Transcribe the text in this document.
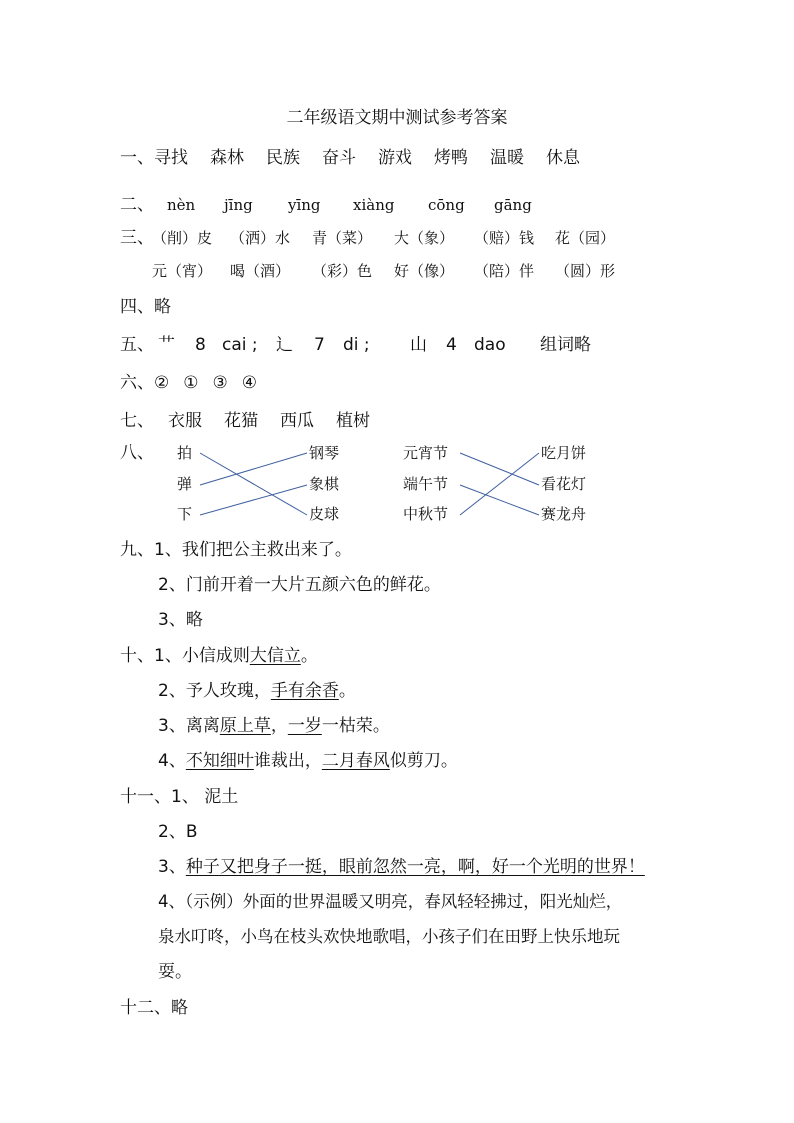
二年级语文期中测试参考答案
一、寻找 森林 民族 奋斗 游戏 烤鸭 温暖 休息
二、 nèn jīng yīng xiàng cōng gāng
三、
（削）皮 （洒）水 青（菜） 大（象） （赔）钱 花（园）
元（宵） 喝（酒） （彩）色 好（像） （陪）伴 （圆）形
四、略
五、 艹 8 cai ; 辶 7 di ; 山 4 dao 组词略
六、② ① ③ ④
七、 衣服 花猫 西瓜 植树
八、 拍
弹
下
钢琴
象棋
皮球
元宵节
端午节
中秋节
吃月饼
看花灯
赛龙舟
九、1、我们把公主救出来了。
2、门前开着一大片五颜六色的鲜花。
3、略
十、1、小信成则大信立。
2、予人玫瑰，手有余香。
3、离离原上草，一岁一枯荣。
4、不知细叶谁裁出，二月春风似剪刀。
十一、1、 泥土
2、B
3、种子又把身子一挺，眼前忽然一亮，啊，好一个光明的世界！
4、（示例）外面的世界温暖又明亮，春风轻轻拂过，阳光灿烂，
泉水叮咚，小鸟在枝头欢快地歌唱，小孩子们在田野上快乐地玩
耍。
十二、略
